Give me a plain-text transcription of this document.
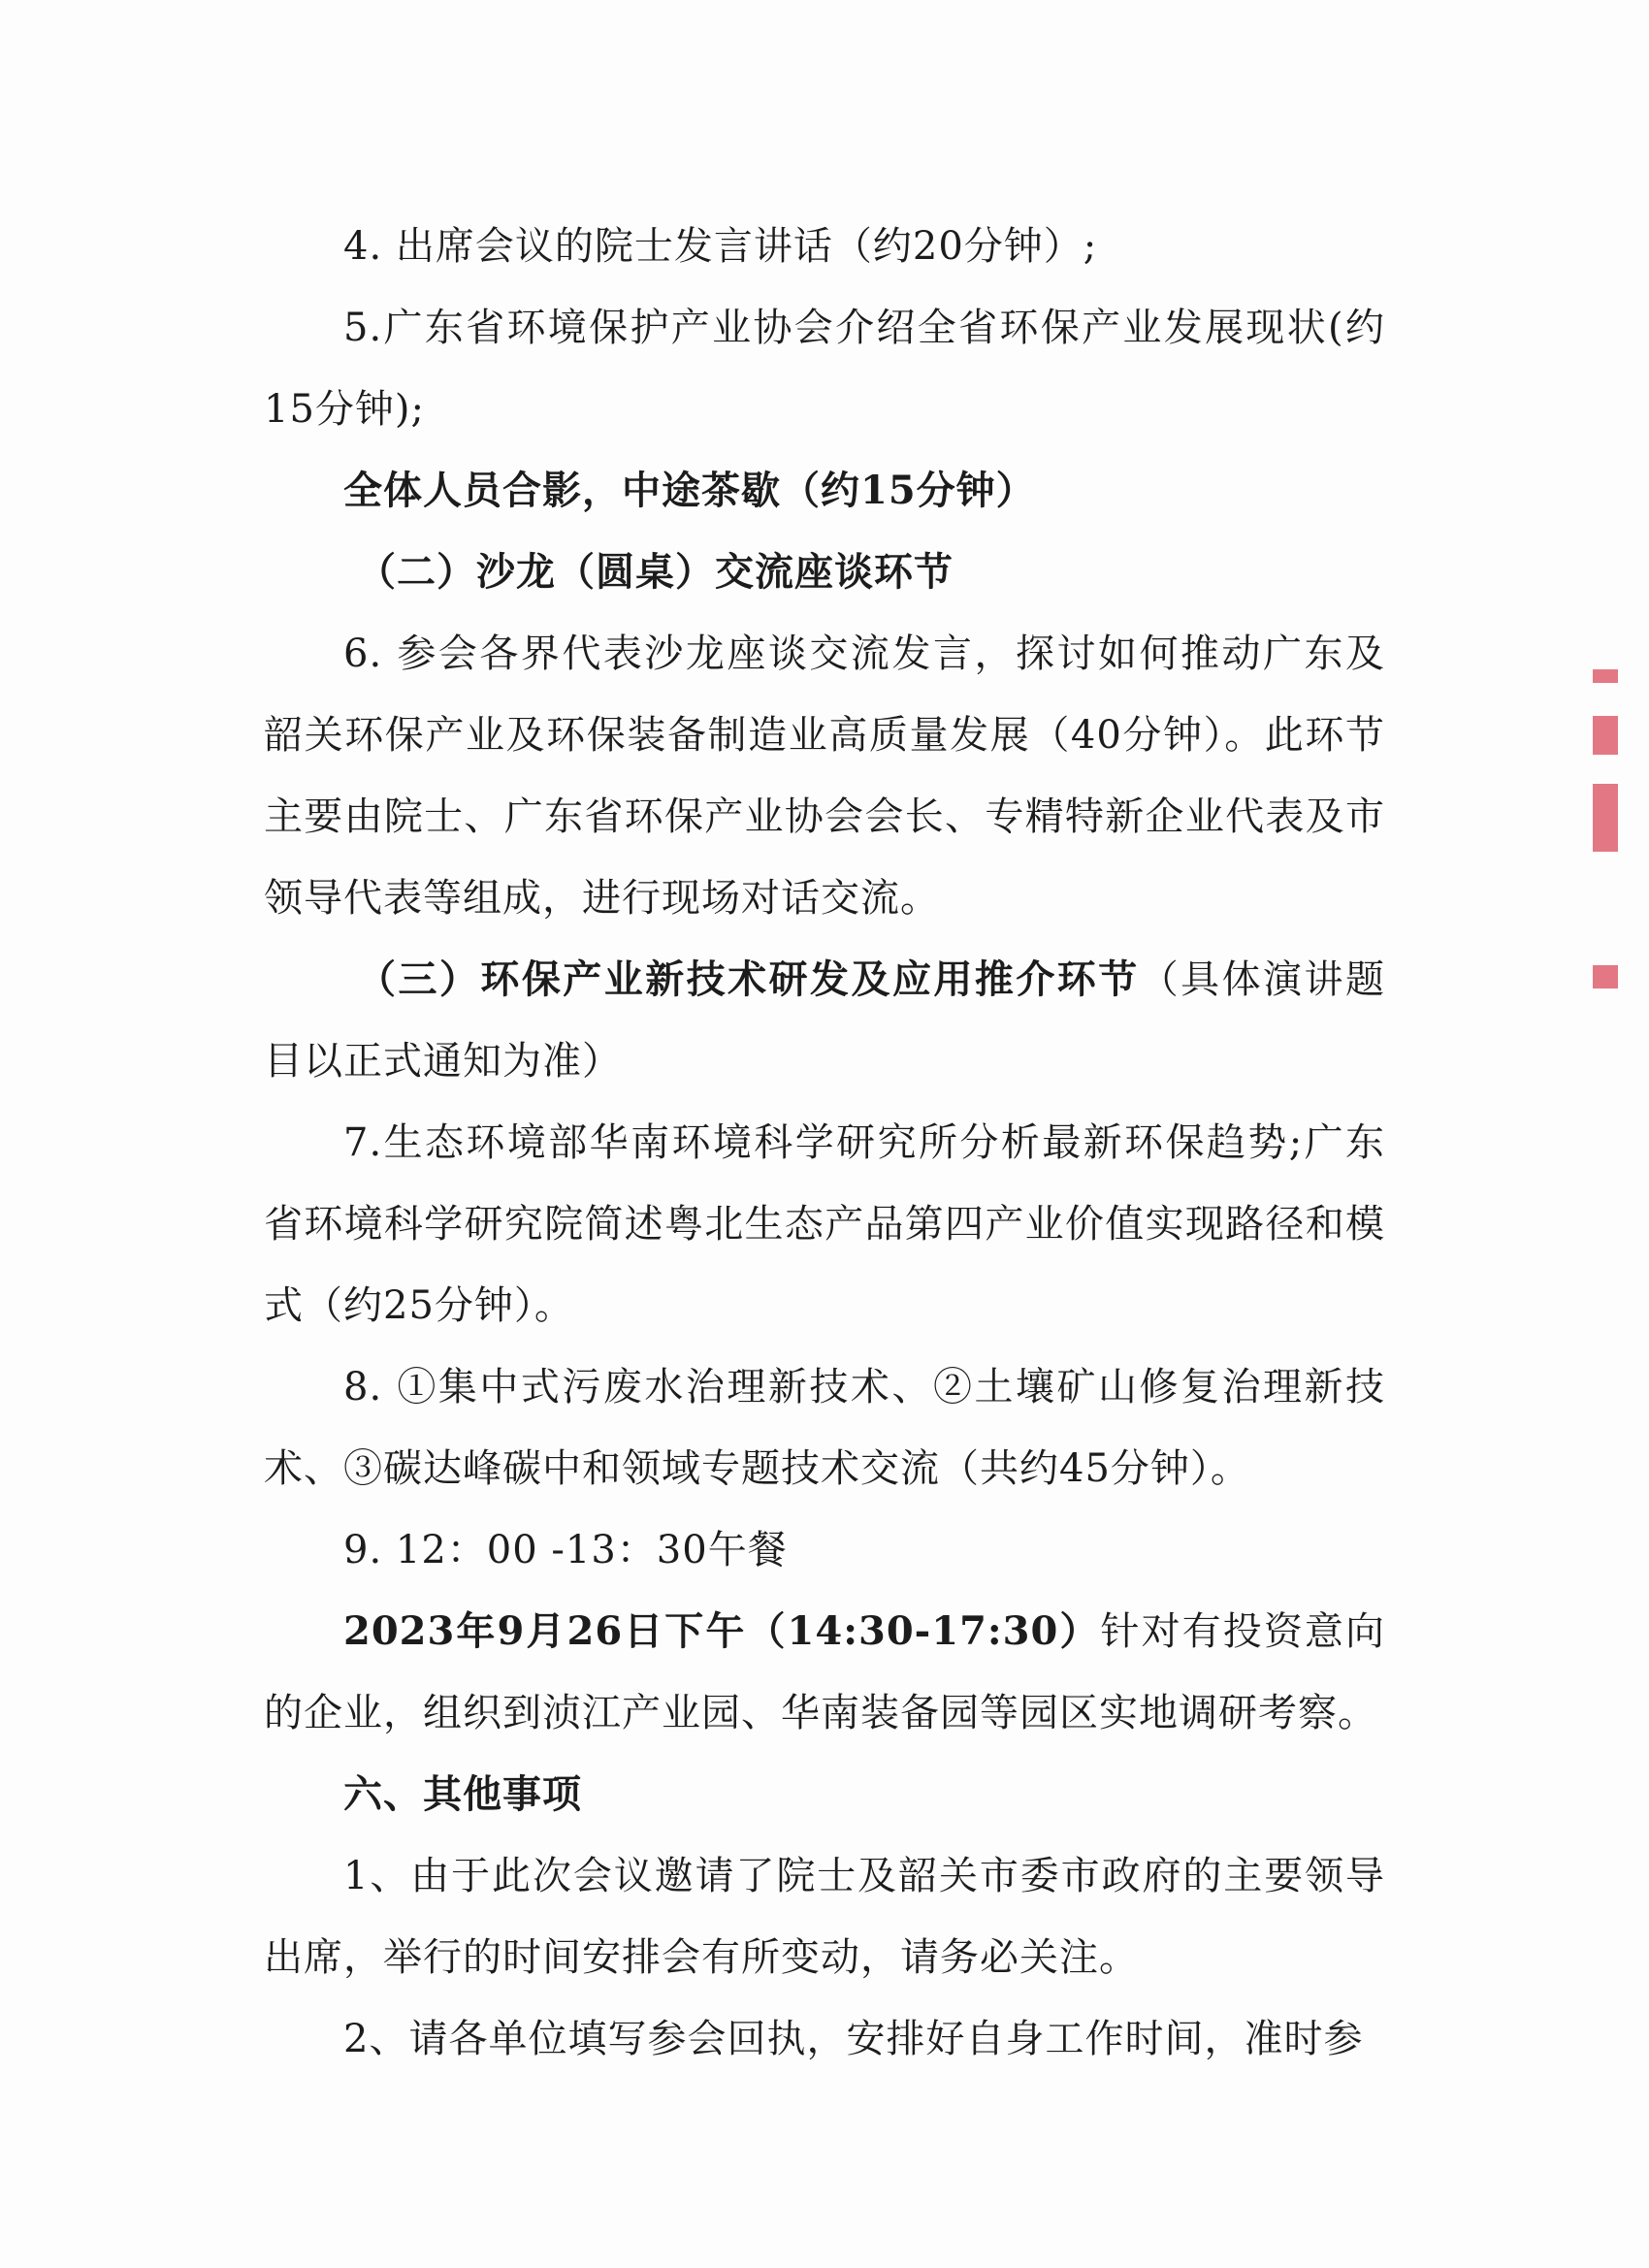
4. 出席会议的院士发言讲话（约20分钟）;

5.广东省环境保护产业协会介绍全省环保产业发展现状(约15分钟);

全体人员合影，中途茶歇（约15分钟）

（二）沙龙（圆桌）交流座谈环节

6. 参会各界代表沙龙座谈交流发言，探讨如何推动广东及韶关环保产业及环保装备制造业高质量发展（40分钟）。此环节主要由院士、广东省环保产业协会会长、专精特新企业代表及市领导代表等组成，进行现场对话交流。

（三）环保产业新技术研发及应用推介环节（具体演讲题目以正式通知为准）

7.生态环境部华南环境科学研究所分析最新环保趋势;广东省环境科学研究院简述粤北生态产品第四产业价值实现路径和模式（约25分钟）。

8. ①集中式污废水治理新技术、②土壤矿山修复治理新技术、③碳达峰碳中和领域专题技术交流（共约45分钟）。

9. 12：00 -13：30午餐

2023年9月26日下午（14:30-17:30）针对有投资意向的企业，组织到浈江产业园、华南装备园等园区实地调研考察。

六、其他事项

1、由于此次会议邀请了院士及韶关市委市政府的主要领导出席，举行的时间安排会有所变动，请务必关注。

2、请各单位填写参会回执，安排好自身工作时间，准时参
